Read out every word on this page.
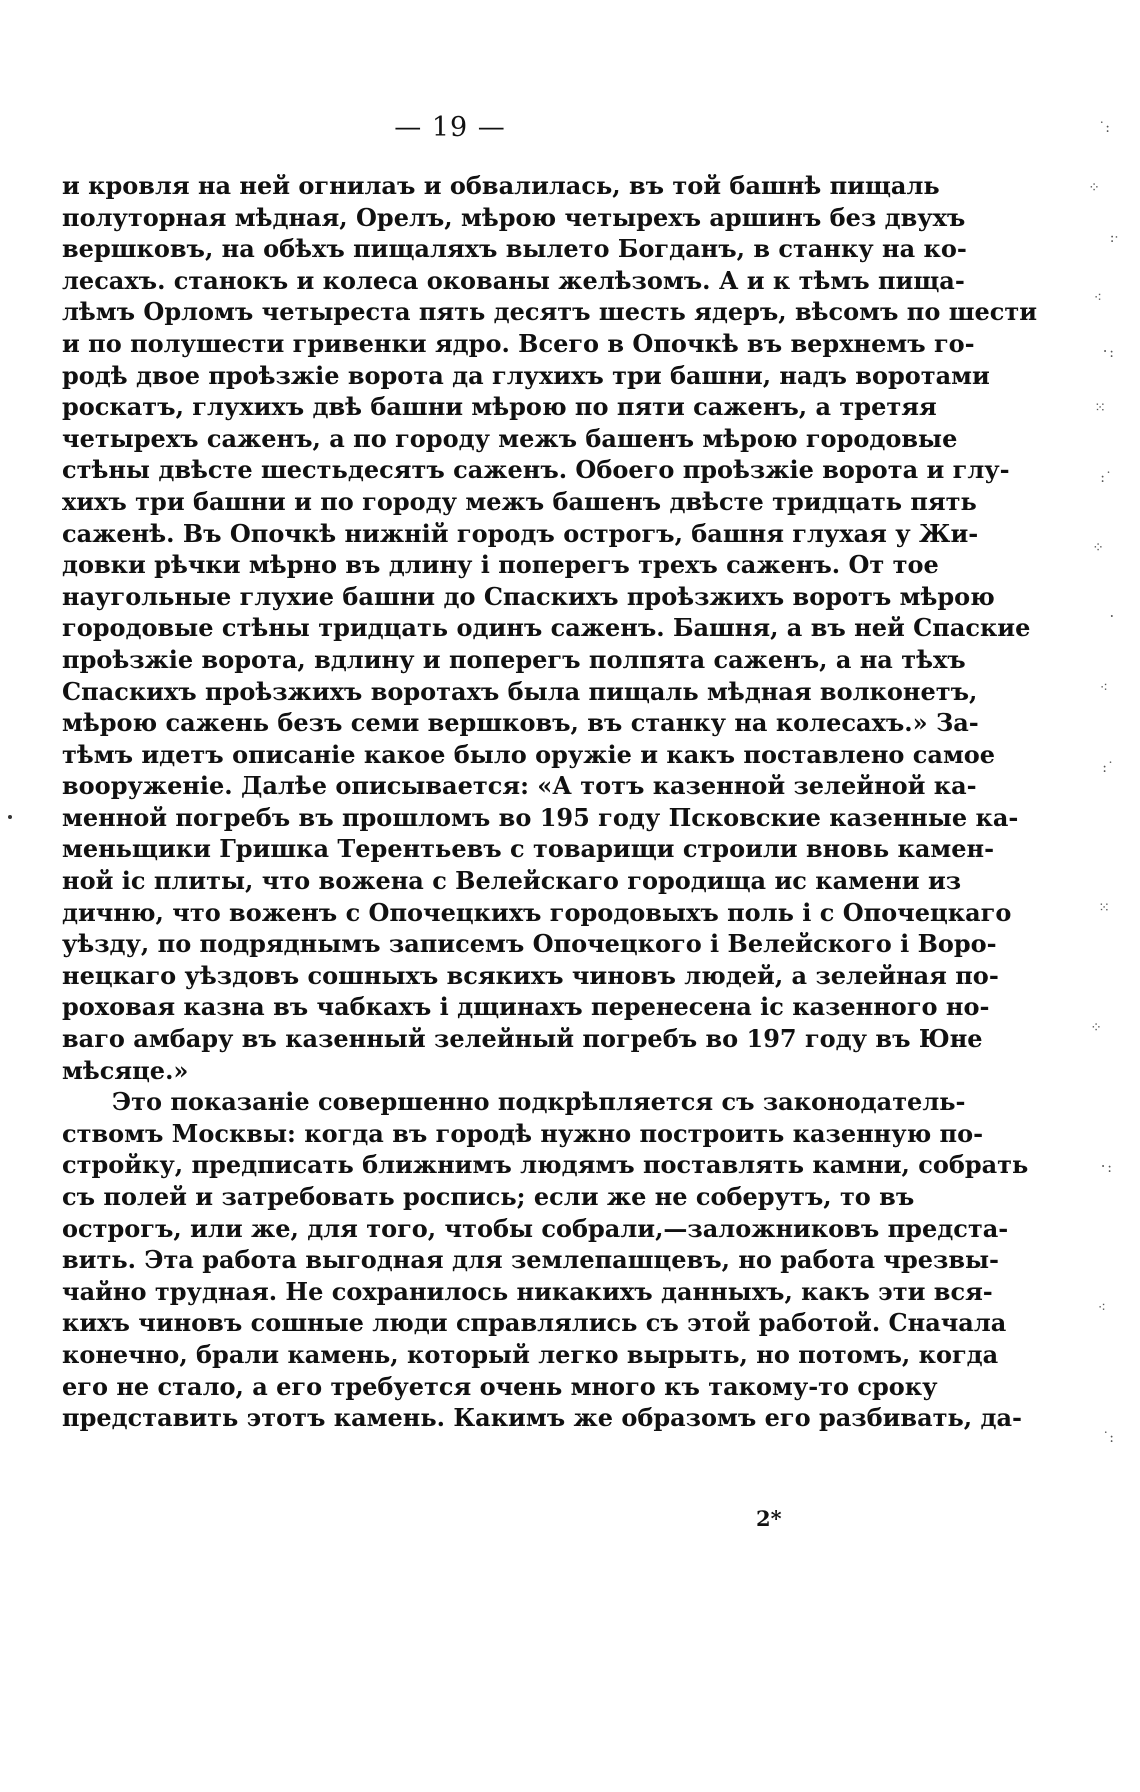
— 19 —
и кровля на ней огнилаъ и обвалилась, въ той башнѣ пищаль
полуторная мѣдная, Орелъ, мѣрою четырехъ аршинъ без двухъ
вершковъ, на обѣхъ пищаляхъ вылето Богданъ, в станку на ко-
лесахъ. станокъ и колеса окованы желѣзомъ. А и к тѣмъ пища-
лѣмъ Орломъ четыреста пять десятъ шесть ядеръ, вѣсомъ по шести
и по полушести гривенки ядро. Всего в Опочкѣ въ верхнемъ го-
родѣ двое проѣзжіе ворота да глухихъ три башни, надъ воротами
роскатъ, глухихъ двѣ башни мѣрою по пяти саженъ, а третяя
четырехъ саженъ, а по городу межъ башенъ мѣрою городовые
стѣны двѣсте шестьдесятъ саженъ. Обоего проѣзжіе ворота и глу-
хихъ три башни и по городу межъ башенъ двѣсте тридцать пять
саженѣ. Въ Опочкѣ нижній городъ острогъ, башня глухая у Жи-
довки рѣчки мѣрно въ длину і поперегъ трехъ саженъ. От тое
наугольные глухие башни до Спаскихъ проѣзжихъ воротъ мѣрою
городовые стѣны тридцать одинъ саженъ. Башня, а въ ней Спаские
проѣзжіе ворота, вдлину и поперегъ полпята саженъ, а на тѣхъ
Спаскихъ проѣзжихъ воротахъ была пищаль мѣдная волконетъ,
мѣрою сажень безъ семи вершковъ, въ станку на колесахъ.» За-
тѣмъ идетъ описаніе какое было оружіе и какъ поставлено самое
вооруженіе. Далѣе описывается: «А тотъ казенной зелейной ка-
менной погребъ въ прошломъ во 195 году Псковские казенные ка-
меньщики Гришка Терентьевъ с товарищи строили вновь камен-
ной іс плиты, что вожена с Велейскаго городища ис камени из
дичню, что воженъ с Опочецкихъ городовыхъ поль і с Опочецкаго
уѣзду, по подряднымъ записемъ Опочецкого і Велейского і Воро-
нецкаго уѣздовъ сошныхъ всякихъ чиновъ людей, а зелейная по-
роховая казна въ чабкахъ і дщинахъ перенесена іс казенного но-
ваго амбару въ казенный зелейный погребъ во 197 году въ Юне
мѣсяце.»
Это показаніе совершенно подкрѣпляется съ законодатель-
ствомъ Москвы: когда въ городѣ нужно построить казенную по-
стройку, предписать ближнимъ людямъ поставлять камни, собрать
съ полей и затребовать роспись; если же не соберутъ, то въ
острогъ, или же, для того, чтобы собрали,—заложниковъ предста-
вить. Эта работа выгодная для землепашцевъ, но работа чрезвы-
чайно трудная. Не сохранилось никакихъ данныхъ, какъ эти вся-
кихъ чиновъ сошные люди справлялись съ этой работой. Сначала
конечно, брали камень, который легко вырыть, но потомъ, когда
его не стало, а его требуется очень много къ такому-то сроку
представить этотъ камень. Какимъ же образомъ его разбивать, да-
2*
˙:
⁘
:ᐧ
⁖
᛫:
⁙
:˙
⁘
᛫
⁖
:˙
⁙
⁘
᛫:
⁖
˙:
